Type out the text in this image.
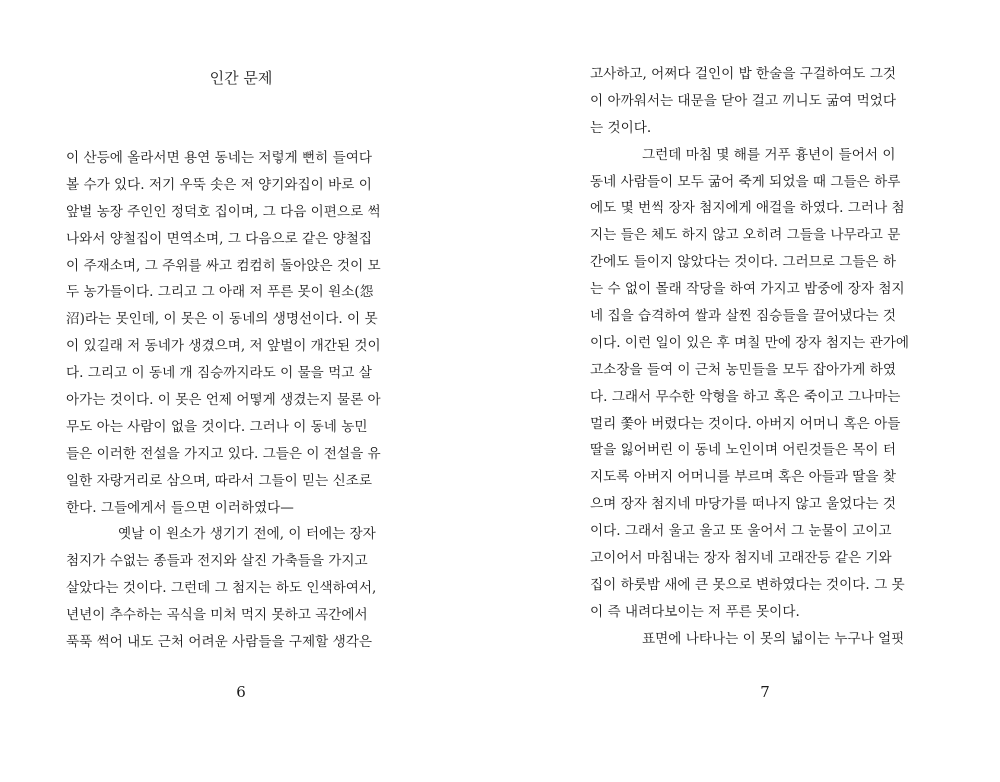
인간 문제
이 산등에 올라서면 용연 동네는 저렇게 뻔히 들여다
볼 수가 있다. 저기 우뚝 솟은 저 양기와집이 바로 이
앞벌 농장 주인인 정덕호 집이며, 그 다음 이편으로 썩
나와서 양철집이 면역소며, 그 다음으로 같은 양철집
이 주재소며, 그 주위를 싸고 컴컴히 돌아앉은 것이 모
두 농가들이다. 그리고 그 아래 저 푸른 못이 원소(怨
沼)라는 못인데, 이 못은 이 동네의 생명선이다. 이 못
이 있길래 저 동네가 생겼으며, 저 앞벌이 개간된 것이
다. 그리고 이 동네 개 짐승까지라도 이 물을 먹고 살
아가는 것이다. 이 못은 언제 어떻게 생겼는지 물론 아
무도 아는 사람이 없을 것이다. 그러나 이 동네 농민
들은 이러한 전설을 가지고 있다. 그들은 이 전설을 유
일한 자랑거리로 삼으며, 따라서 그들이 믿는 신조로
한다. 그들에게서 들으면 이러하였다—
옛날 이 원소가 생기기 전에, 이 터에는 장자
첨지가 수없는 종들과 전지와 살진 가축들을 가지고
살았다는 것이다. 그런데 그 첨지는 하도 인색하여서,
년년이 추수하는 곡식을 미처 먹지 못하고 곡간에서
푹푹 썩어 내도 근처 어려운 사람들을 구제할 생각은
6
고사하고, 어쩌다 걸인이 밥 한술을 구걸하여도 그것
이 아까워서는 대문을 닫아 걸고 끼니도 굶여 먹었다
는 것이다.
그런데 마침 몇 해를 거푸 흉년이 들어서 이
동네 사람들이 모두 굶어 죽게 되었을 때 그들은 하루
에도 몇 번씩 장자 첨지에게 애걸을 하였다. 그러나 첨
지는 들은 체도 하지 않고 오히려 그들을 나무라고 문
간에도 들이지 않았다는 것이다. 그러므로 그들은 하
는 수 없이 몰래 작당을 하여 가지고 밤중에 장자 첨지
네 집을 습격하여 쌀과 살찐 짐승들을 끌어냈다는 것
이다. 이런 일이 있은 후 며칠 만에 장자 첨지는 관가에
고소장을 들여 이 근처 농민들을 모두 잡아가게 하였
다. 그래서 무수한 악형을 하고 혹은 죽이고 그나마는
멀리 쫓아 버렸다는 것이다. 아버지 어머니 혹은 아들
딸을 잃어버린 이 동네 노인이며 어린것들은 목이 터
지도록 아버지 어머니를 부르며 혹은 아들과 딸을 찾
으며 장자 첨지네 마당가를 떠나지 않고 울었다는 것
이다. 그래서 울고 울고 또 울어서 그 눈물이 고이고
고이어서 마침내는 장자 첨지네 고래잔등 같은 기와
집이 하룻밤 새에 큰 못으로 변하였다는 것이다. 그 못
이 즉 내려다보이는 저 푸른 못이다.
표면에 나타나는 이 못의 넓이는 누구나 얼핏
7
